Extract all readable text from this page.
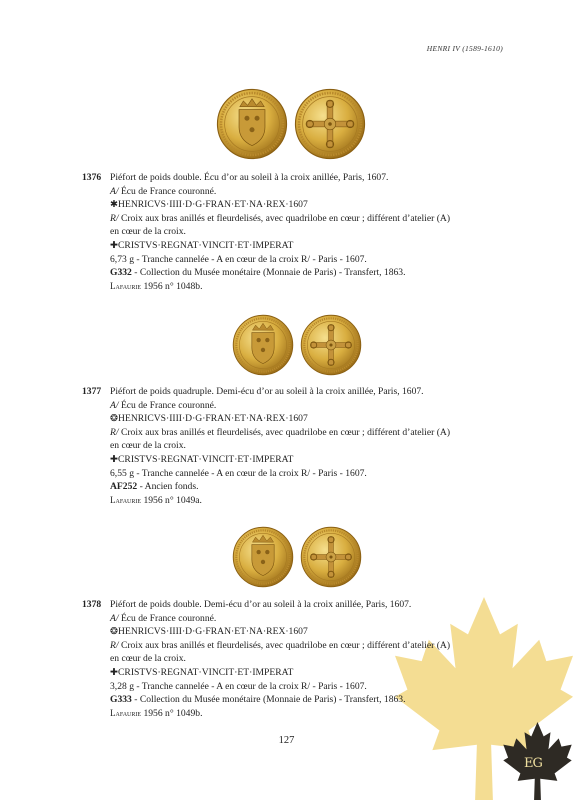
HENRI IV (1589-1610)
1376 Piéfort de poids double. Écu d’or au soleil à la croix anillée, Paris, 1607.
A/ Écu de France couronné.
✱HENRICVS·IIII·D·G·FRAN·ET·NA·REX·1607
R/ Croix aux bras anillés et fleurdelisés, avec quadrilobe en cœur ; différent d’atelier (A)
en cœur de la croix.
✚CRISTVS·REGNAT·VINCIT·ET·IMPERAT
6,73 g - Tranche cannelée - A en cœur de la croix R/ - Paris - 1607.
G332 - Collection du Musée monétaire (Monnaie de Paris) - Transfert, 1863.
Lafaurie 1956 n° 1048b.
1377 Piéfort de poids quadruple. Demi-écu d’or au soleil à la croix anillée, Paris, 1607.
A/ Écu de France couronné.
❂HENRICVS·IIII·D·G·FRAN·ET·NA·REX·1607
R/ Croix aux bras anillés et fleurdelisés, avec quadrilobe en cœur ; différent d’atelier (A)
en cœur de la croix.
✚CRISTVS·REGNAT·VINCIT·ET·IMPERAT
6,55 g - Tranche cannelée - A en cœur de la croix R/ - Paris - 1607.
AF252 - Ancien fonds.
Lafaurie 1956 n° 1049a.
1378 Piéfort de poids double. Demi-écu d’or au soleil à la croix anillée, Paris, 1607.
A/ Écu de France couronné.
❂HENRICVS·IIII·D·G·FRAN·ET·NA·REX·1607
R/ Croix aux bras anillés et fleurdelisés, avec quadrilobe en cœur ; différent d’atelier (A)
en cœur de la croix.
✚CRISTVS·REGNAT·VINCIT·ET·IMPERAT
3,28 g - Tranche cannelée - A en cœur de la croix R/ - Paris - 1607.
G333 - Collection du Musée monétaire (Monnaie de Paris) - Transfert, 1863.
Lafaurie 1956 n° 1049b.
127
EG
